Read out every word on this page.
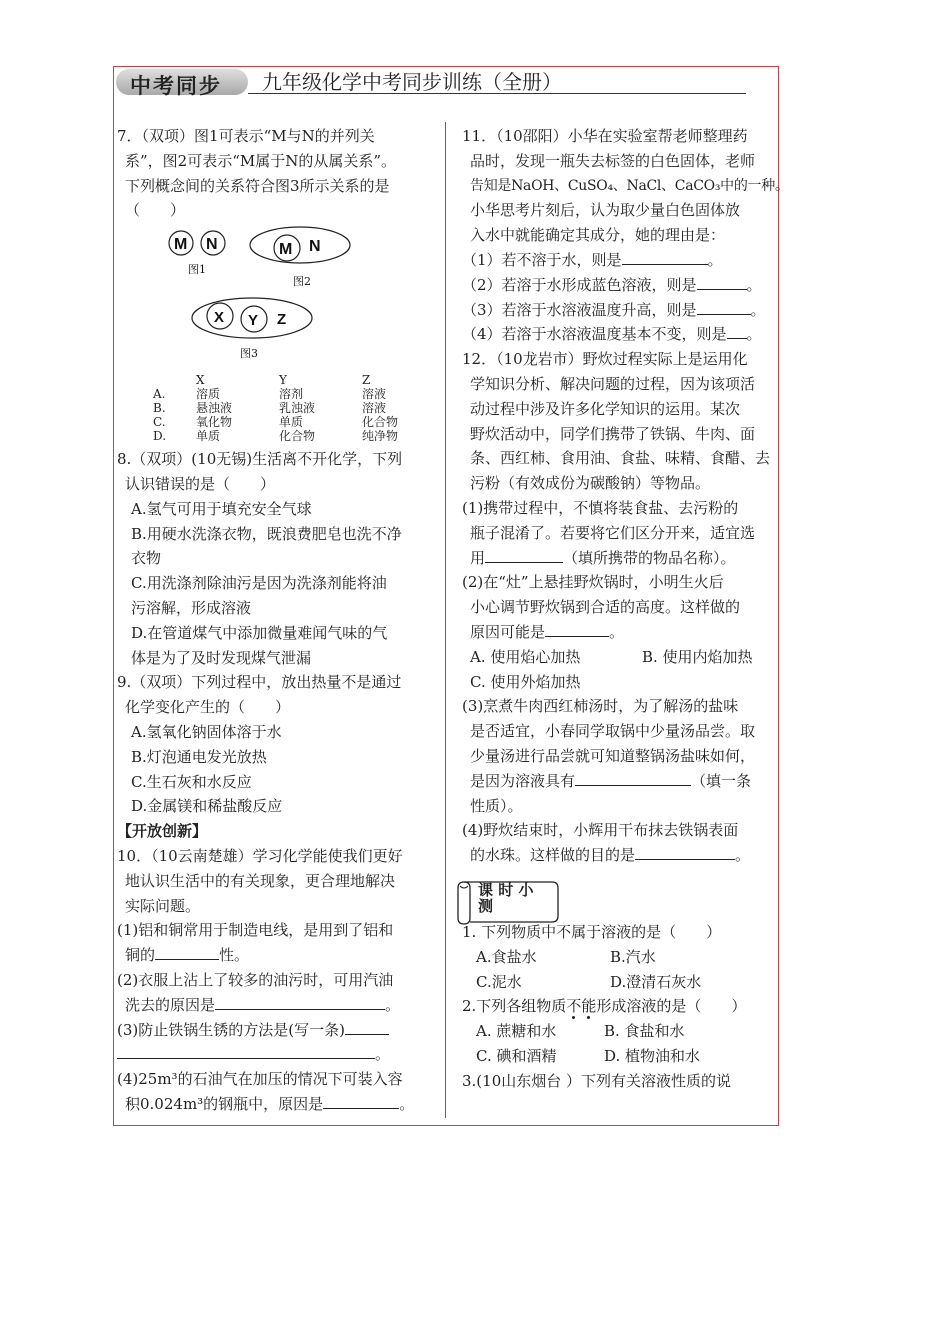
中考同步 九年级化学中考同步训练（全册）
7．（双项）图1可表示“M与N的并列关
系”，图2可表示“M属于N的从属关系”。
下列概念间的关系符合图3所示关系的是
（　　）
M N	M N
X Y Z
图1
图2
图3
X	Y	Z
A.	溶质	溶剂	溶液
B.	悬浊液	乳浊液	溶液
C.	氧化物	单质	化合物
D. 单质	化合物	纯净物
8.（双项）(10无锡)生活离不开化学，下列
认识错误的是（　　）
A.氢气可用于填充安全气球
B.用硬水洗涤衣物，既浪费肥皂也洗不净
衣物
C.用洗涤剂除油污是因为洗涤剂能将油
污溶解，形成溶液
D.在管道煤气中添加微量难闻气味的气
体是为了及时发现煤气泄漏
9.（双项）下列过程中，放出热量不是通过
化学变化产生的（　　）
A.氢氧化钠固体溶于水
B.灯泡通电发光放热
C.生石灰和水反应
D.金属镁和稀盐酸反应
【开放创新】
10．（10云南楚雄）学习化学能使我们更好
地认识生活中的有关现象，更合理地解决
实际问题。
(1)铝和铜常用于制造电线，是用到了铝和
铜的	性。
(2)衣服上沾上了较多的油污时，可用汽油
洗去的原因是	。
(3)防止铁锅生锈的方法是(写一条)
。
(4)25m³的石油气在加压的情况下可装入容
积0.024m³的钢瓶中，原因是	。
11．（10邵阳）小华在实验室帮老师整理药
品时，发现一瓶失去标签的白色固体，老师
告知是NaOH、CuSO₄、NaCl、CaCO₃中的一种。
小华思考片刻后，认为取少量白色固体放
入水中就能确定其成分，她的理由是：
（1）若不溶于水，则是	。
（2）若溶于水形成蓝色溶液，则是	。
（3）若溶于水溶液温度升高，则是	。
（4）若溶于水溶液温度基本不变，则是 。
12．（10龙岩市）野炊过程实际上是运用化
学知识分析、解决问题的过程，因为该项活
动过程中涉及许多化学知识的运用。某次
野炊活动中，同学们携带了铁锅、牛肉、面
条、西红柿、食用油、食盐、味精、食醋、去
污粉（有效成份为碳酸钠）等物品。
(1)携带过程中，不慎将装食盐、去污粉的
瓶子混淆了。若要将它们区分开来，适宜选
用	（填所携带的物品名称）。
(2)在“灶”上悬挂野炊锅时，小明生火后
小心调节野炊锅到合适的高度。这样做的
原因可能是	。
A. 使用焰心加热	B. 使用内焰加热
C. 使用外焰加热
(3)烹煮牛肉西红柿汤时，为了解汤的盐味
是否适宜，小春同学取锅中少量汤品尝。取
少量汤进行品尝就可知道整锅汤盐味如何，
是因为溶液具有	（填一条
性质）。
(4)野炊结束时，小辉用干布抹去铁锅表面
的水珠。这样做的目的是	。
课 时 小 测
1. 下列物质中不属于溶液的是（　　）
A.食盐水	B.汽水
C.泥水	D.澄清石灰水
2.下列各组物质不能形成溶液的是（　　）
A. 蔗糖和水	B. 食盐和水
C. 碘和酒精	D. 植物油和水
3.(10山东烟台 ）下列有关溶液性质的说
